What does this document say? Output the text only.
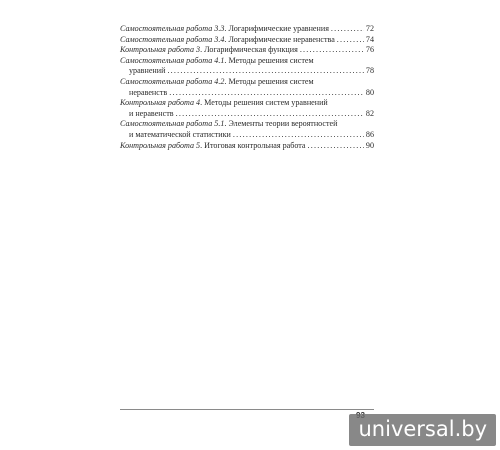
Самостоятельная работа 3.3 . Логарифмические уравнения . . .	72
Самостоятельная работа 3.4 . Логарифмические неравенства . . .	74
Контрольная работа 3 . Логарифмическая функция . . .	76
Самостоятельная работа 4.1 . Методы решения систем
уравнений . . .	78
Самостоятельная работа 4.2 . Методы решения систем
неравенств . . .	80
Контрольная работа 4 . Методы решения систем уравнений
и неравенств . . .	82
Самостоятельная работа 5.1 . Элементы теории вероятностей
и математической статистики . . .	86
Контрольная работа 5 . Итоговая контрольная работа . . .	90
universal.by
